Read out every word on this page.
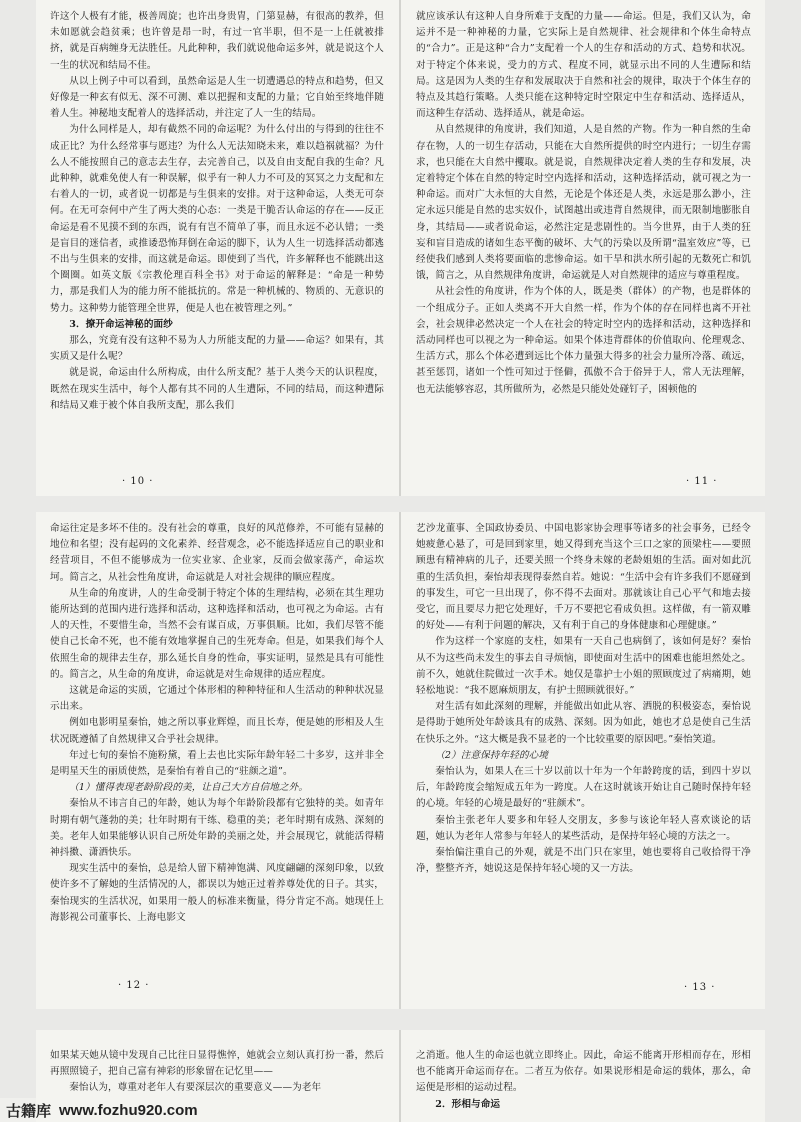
许这个人极有才能，极善周旋；也许出身贵胄，门第显赫，有很高的教养，但未如愿就会趋贫乘；也许曾是昂一时，有过一官半职，但不是一上任就被排挤，就是百病缠身无法胜任。凡此种种，我们就说他命运多舛，就是说这个人一生的状况和结局不佳。

从以上例子中可以看到，虽然命运是人生一切遭遇总的特点和趋势，但又好像是一种玄有似无、深不可测、难以把握和支配的力量；它自始至终地伴随着人生。神秘地支配着人的选择活动，并注定了人一生的结局。

为什么同样是人，却有截然不同的命运呢？为什么付出的与得到的往往不成正比？为什么经常事与愿违？为什么人无法知晓未来，难以趋祸就福？为什么人不能按照自己的意志去生存，去完善自己，以及自由支配自我的生命？凡此种种，就难免使人有一种误解，似乎有一种人力不可及的冥冥之力支配和左右着人的一切，或者说一切都是与生俱来的安排。对于这种命运，人类无可奈何。在无可奈何中产生了两大类的心态：一类是干脆否认命运的存在——反正命运是看不见摸不到的东西，说有有岂不简单了事，而且永远不必认错；一类是盲目的迷信者，或推诿恐怖拜倒在命运的脚下，认为人生一切选择活动都逃不出与生俱来的安排，而这就是命运。即使到了当代，许多解释也不能跳出这个圈圈。如英文版《宗教伦理百科全书》对于命运的解释是：“命是一种势力，那是我们人为的能力所不能抵抗的。常是一种机械的、物质的、无意识的势力。这种势力能管理全世界，便是人也在被管理之列。”

3．撩开命运神秘的面纱

那么，究竟有没有这种不易为人力所能支配的力量——命运？如果有，其实质又是什么呢？

就是说，命运由什么所构成，由什么所支配？基于人类今天的认识程度，既然在现实生活中，每个人都有其不同的人生遭际，不同的结局，而这种遭际和结局又难于被个体自我所支配，那么我们

· 10 ·

就应该承认有这种人自身所难于支配的力量——命运。但是，我们又认为，命运并不是一种神秘的力量，它实际上是自然规律、社会规律和个体生命特点的“合力”。正是这种“合力”支配着一个人的生存和活动的方式、趋势和状况。对于特定个体来说，受力的方式、程度不同，就显示出不同的人生遭际和结局。这是因为人类的生存和发展取决于自然和社会的规律，取决于个体生存的特点及其趋行策略。人类只能在这种特定时空限定中生存和活动、选择适从，而这种生存活动、选择适从，就是命运。

从自然规律的角度讲，我们知道，人是自然的产物。作为一种自然的生命存在物，人的一切生存活动，只能在大自然所提供的时空内进行；一切生存需求，也只能在大自然中攫取。就是说，自然规律决定着人类的生存和发展，决定着特定个体在自然的特定时空内选择和活动，这种选择活动，就可视之为一种命运。而对广大永恒的大自然，无论是个体还是人类，永远是那么渺小，注定永远只能是自然的忠实奴仆，试图越出或违背自然规律，而无限制地膨胀自身，其结局——或者说命运，必然注定是悲剧性的。当今世界，由于人类的狂妄和盲目造成的诸如生态平衡的破坏、大气的污染以及所谓“温室效应”等，已经使我们感到人类将要面临的悲惨命运。如干旱和洪水所引起的无数死亡和饥饿，简言之，从自然规律角度讲，命运就是人对自然规律的适应与尊重程度。

从社会性的角度讲，作为个体的人，既是类（群体）的产物，也是群体的一个组成分子。正如人类离不开大自然一样，作为个体的存在同样也离不开社会，社会规律必然决定一个人在社会的特定时空内的选择和活动，这种选择和活动同样也可以视之为一种命运。如果个体违背群体的价值取向、伦理观念、生活方式，那么个体必遭到远比个体力量强大得多的社会力量所冷落、疏远，甚至惩罚，诸如一个性可知过于怪僻，孤傲不合于俗异于人，常人无法理解，也无法能够容忍，其所做所为，必然是只能处处碰钉子，困顿他的

· 11 ·

命运往定是多坏不佳的。没有社会的尊重，良好的风范修养，不可能有显赫的地位和名望；没有起码的文化素养、经营观念，必不能选择适应自己的职业和经营项目，不但不能够成为一位实业家、企业家，反而会做家荡产，命运坎坷。简言之，从社会性角度讲，命运就是人对社会规律的顺应程度。

从生命的角度讲，人的生命受制于特定个体的生理结构，必须在其生理功能所达到的范围内进行选择和活动，这种选择和活动，也可视之为命运。古有人的天性，不要惜生命，当然不会有谋百成，万事俱顺。比如，我们尽管不能使自己长命不死，也不能有效地掌握自己的生死寿命。但是，如果我们每个人依照生命的规律去生存，那么延长自身的性命，事实证明，显然是具有可能性的。简言之，从生命的角度讲，命运就是对生命规律的适应程度。

这就是命运的实质，它通过个体形相的种种特征和人生活动的种种状况显示出来。

例如电影明星秦怡，她之所以事业辉煌，而且长寿，便是她的形相及人生状况既遵循了自然规律又合乎社会规律。

年过七旬的秦怡不施粉黛，看上去也比实际年龄年轻二十多岁，这并非全是明星天生的丽质使然，是秦怡有着自己的“驻颜之道”。

（1）懂得表现老龄阶段的美，让自己大方自信地之外。

秦怡从不讳言自己的年龄，她认为每个年龄阶段都有它独特的美。如青年时期有朝气蓬勃的美；壮年时期有干练、稳重的美；老年时期有成熟、深刻的美。老年人如果能够认识自己所处年龄的美丽之处，并会展现它，就能活得精神抖擞、潇洒快乐。

现实生活中的秦怡，总是给人留下精神饱满、风度翩翩的深刻印象，以致使许多不了解她的生活情况的人，都误以为她正过着养尊处优的日子。其实，秦怡现实的生活状况，如果用一般人的标准来衡量，得分肯定不高。她现任上海影视公司董事长、上海电影文

· 12 ·

艺沙龙董事、全国政协委员、中国电影家协会理事等诸多的社会事务，已经令她疲惫心悬了，可是回到家里，她又得到充当这个三口之家的顶梁柱——要照顾患有精神病的儿子，还要关照一个终身未嫁的老龄姐姐的生活。面对如此沉重的生活负担，秦怡却表现得泰然自若。她说：“生活中会有许多我们不愿碰到的事发生，可它一旦出现了，你不得不去面对。那就该让自己心平气和地去接受它，而且要尽力把它处理好，千万不要把它看成负担。这样做，有一箭双雕的好处——有利于问题的解决，又有利于自己的身体健康和心理健康。”

作为这样一个家庭的支柱，如果有一天自己也病倒了，该如何是好？秦怡从不为这些尚未发生的事去自寻烦恼，即使面对生活中的困难也能坦然处之。前不久，她就住院做过一次手术。她仅是靠护士小姐的照顾度过了病痛期，她轻松地说：“我不愿麻烦朋友，有护士照顾就很好。”

对生活有如此深刻的理解，并能做出如此从容、洒脱的积极姿态，秦怡说是得助于她所处年龄该具有的成熟、深刻。因为如此，她也才总是使自己生活在快乐之外。“这大概是我不显老的一个比较重要的原因吧。”秦怡笑道。

（2）注意保持年轻的心境

秦怡认为，如果人在三十岁以前以十年为一个年龄跨度的话，到四十岁以后，年龄跨度会缩短成五年为一跨度。人在这时就该开始让自己随时保持年轻的心境。年轻的心境是最好的“驻颜术”。

秦怡主张老年人要多和年轻人交朋友，多参与该论年轻人喜欢谈论的话题，她认为老年人常参与年轻人的某些活动，是保持年轻心境的方法之一。

秦怡偏注重自己的外观，就是不出门只在家里，她也要将自己收拾得干净净，整整齐齐，她说这是保持年轻心境的又一方法。

· 13 ·

如果某天她从镜中发现自己比往日显得憔悴，她就会立刻认真打扮一番，然后再照照镜子，把自己富有神彩的形象留在记忆里——

秦怡认为，尊重对老年人有要深层次的重要意义——为老年

之消逝。他人生的命运也就立即终止。因此，命运不能离开形相而存在，形相也不能离开命运而存在。二者互为依存。如果说形相是命运的载体，那么，命运便是形相的运动过程。

2．形相与命运

古籍库 www.fozhu920.com
